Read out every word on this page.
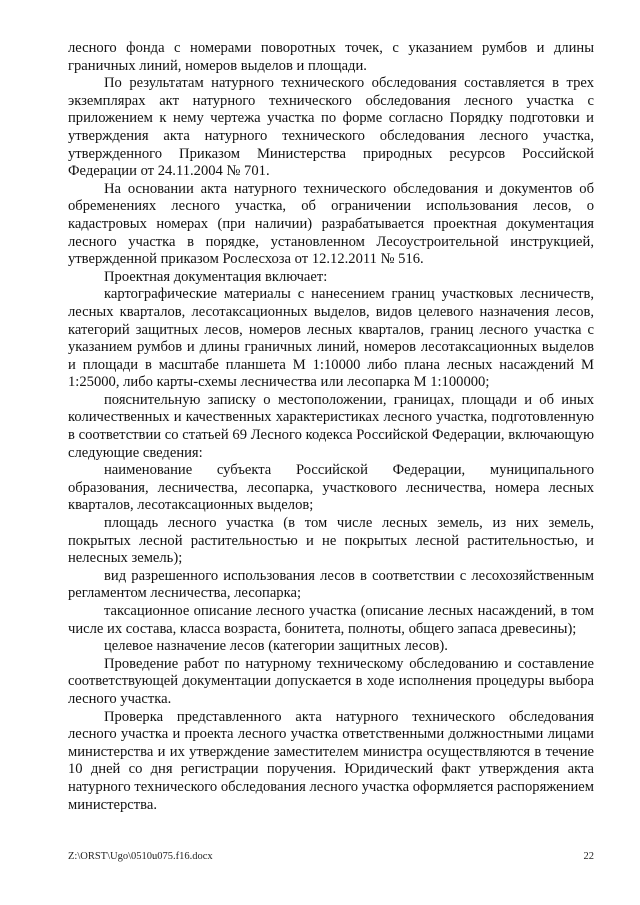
лесного фонда с номерами поворотных точек, с указанием румбов и длины граничных линий, номеров выделов и площади.

По результатам натурного технического обследования составляется в трех экземплярах акт натурного технического обследования лесного участка с приложением к нему чертежа участка по форме согласно Порядку подготовки и утверждения акта натурного технического обследования лесного участка, утвержденного Приказом Министерства природных ресурсов Российской Федерации от 24.11.2004 № 701.

На основании акта натурного технического обследования и документов об обременениях лесного участка, об ограничении использования лесов, о кадастровых номерах (при наличии) разрабатывается проектная документация лесного участка в порядке, установленном Лесоустроительной инструкцией, утвержденной приказом Рослесхоза от 12.12.2011 № 516.

Проектная документация включает:

картографические материалы с нанесением границ участковых лесничеств, лесных кварталов, лесотаксационных выделов, видов целевого назначения лесов, категорий защитных лесов, номеров лесных кварталов, границ лесного участка с указанием румбов и длины граничных линий, номеров лесотаксационных выделов и площади в масштабе планшета М 1:10000 либо плана лесных насаждений М 1:25000, либо карты-схемы лесничества или лесопарка М 1:100000;

пояснительную записку о местоположении, границах, площади и об иных количественных и качественных характеристиках лесного участка, подготовленную в соответствии со статьей 69 Лесного кодекса Российской Федерации, включающую следующие сведения:

наименование субъекта Российской Федерации, муниципального образования, лесничества, лесопарка, участкового лесничества, номера лесных кварталов, лесотаксационных выделов;

площадь лесного участка (в том числе лесных земель, из них земель, покрытых лесной растительностью и не покрытых лесной растительностью, и нелесных земель);

вид разрешенного использования лесов в соответствии с лесохозяйственным регламентом лесничества, лесопарка;

таксационное описание лесного участка (описание лесных насаждений, в том числе их состава, класса возраста, бонитета, полноты, общего запаса древесины);

целевое назначение лесов (категории защитных лесов).

Проведение работ по натурному техническому обследованию и составление соответствующей документации допускается в ходе исполнения процедуры выбора лесного участка.

Проверка представленного акта натурного технического обследования лесного участка и проекта лесного участка ответственными должностными лицами министерства и их утверждение заместителем министра осуществляются в течение 10 дней со дня регистрации поручения. Юридический факт утверждения акта натурного технического обследования лесного участка оформляется распоряжением министерства.

Z:\ORST\Ugo\0510u075.f16.docx	22
